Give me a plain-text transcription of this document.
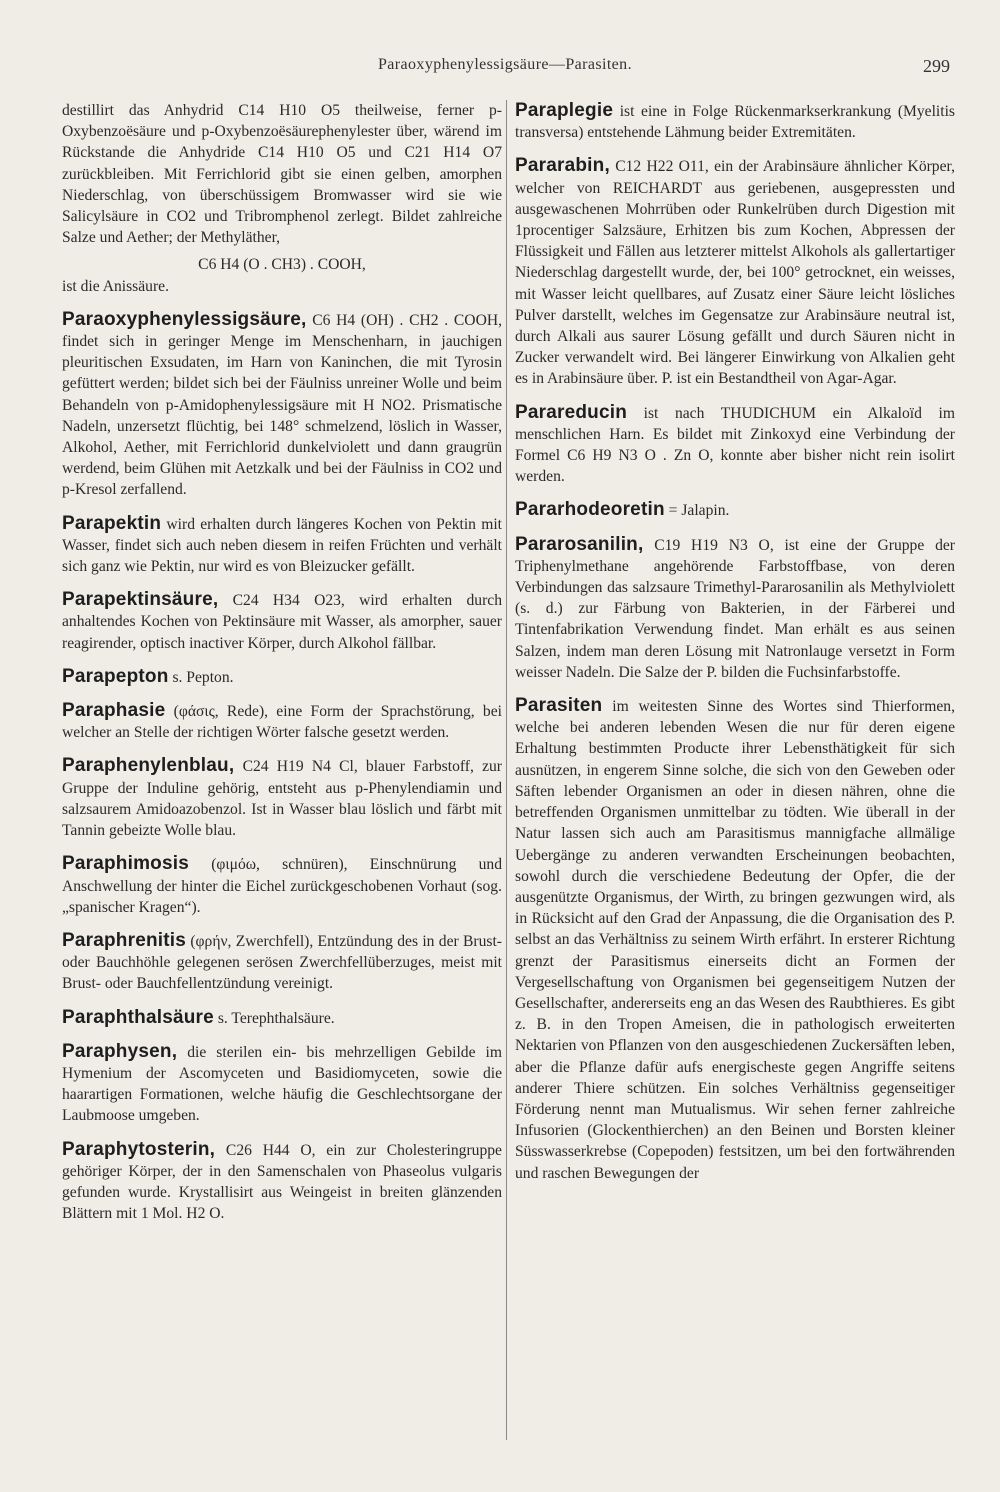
Paraoxyphenylessigsäure—Parasiten.	299

destillirt das Anhydrid C14 H10 O5 theilweise, ferner p-Oxybenzoësäure und p-Oxybenzoësäurephenylester über, wärend im Rückstande die Anhydride C14 H10 O5 und C21 H14 O7 zurückbleiben. Mit Ferrichlorid gibt sie einen gelben, amorphen Niederschlag, von überschüssigem Bromwasser wird sie wie Salicylsäure in CO2 und Tribromphenol zerlegt. Bildet zahlreiche Salze und Aether; der Methyläther,

C6 H4 (O . CH3) . COOH,

ist die Anissäure.

Paraoxyphenylessigsäure, C6 H4 (OH) . CH2 . COOH, findet sich in geringer Menge im Menschenharn, in jauchigen pleuritischen Exsudaten, im Harn von Kaninchen, die mit Tyrosin gefüttert werden; bildet sich bei der Fäulniss unreiner Wolle und beim Behandeln von p-Amidophenylessigsäure mit H NO2. Prismatische Nadeln, unzersetzt flüchtig, bei 148° schmelzend, löslich in Wasser, Alkohol, Aether, mit Ferrichlorid dunkelviolett und dann graugrün werdend, beim Glühen mit Aetzkalk und bei der Fäulniss in CO2 und p-Kresol zerfallend.

Parapektin wird erhalten durch längeres Kochen von Pektin mit Wasser, findet sich auch neben diesem in reifen Früchten und verhält sich ganz wie Pektin, nur wird es von Bleizucker gefällt.

Parapektinsäure, C24 H34 O23, wird erhalten durch anhaltendes Kochen von Pektinsäure mit Wasser, als amorpher, sauer reagirender, optisch inactiver Körper, durch Alkohol fällbar.

Parapepton s. Pepton.

Paraphasie (φάσις, Rede), eine Form der Sprachstörung, bei welcher an Stelle der richtigen Wörter falsche gesetzt werden.

Paraphenylenblau, C24 H19 N4 Cl, blauer Farbstoff, zur Gruppe der Induline gehörig, entsteht aus p-Phenylendiamin und salzsaurem Amidoazobenzol. Ist in Wasser blau löslich und färbt mit Tannin gebeizte Wolle blau.

Paraphimosis (φιμόω, schnüren), Einschnürung und Anschwellung der hinter die Eichel zurückgeschobenen Vorhaut (sog. „spanischer Kragen“).

Paraphrenitis (φρήν, Zwerchfell), Entzündung des in der Brust- oder Bauchhöhle gelegenen serösen Zwerchfellüberzuges, meist mit Brust- oder Bauchfellentzündung vereinigt.

Paraphthalsäure s. Terephthalsäure.

Paraphysen, die sterilen ein- bis mehrzelligen Gebilde im Hymenium der Ascomyceten und Basidiomyceten, sowie die haarartigen Formationen, welche häufig die Geschlechtsorgane der Laubmoose umgeben.

Paraphytosterin, C26 H44 O, ein zur Cholesteringruppe gehöriger Körper, der in den Samenschalen von Phaseolus vulgaris gefunden wurde. Krystallisirt aus Weingeist in breiten glänzenden Blättern mit 1 Mol. H2 O.

Paraplegie ist eine in Folge Rückenmarkserkrankung (Myelitis transversa) entstehende Lähmung beider Extremitäten.

Pararabin, C12 H22 O11, ein der Arabinsäure ähnlicher Körper, welcher von REICHARDT aus geriebenen, ausgepressten und ausgewaschenen Mohrrüben oder Runkelrüben durch Digestion mit 1procentiger Salzsäure, Erhitzen bis zum Kochen, Abpressen der Flüssigkeit und Fällen aus letzterer mittelst Alkohols als gallertartiger Niederschlag dargestellt wurde, der, bei 100° getrocknet, ein weisses, mit Wasser leicht quellbares, auf Zusatz einer Säure leicht lösliches Pulver darstellt, welches im Gegensatze zur Arabinsäure neutral ist, durch Alkali aus saurer Lösung gefällt und durch Säuren nicht in Zucker verwandelt wird. Bei längerer Einwirkung von Alkalien geht es in Arabinsäure über. P. ist ein Bestandtheil von Agar-Agar.

Parareducin ist nach THUDICHUM ein Alkaloïd im menschlichen Harn. Es bildet mit Zinkoxyd eine Verbindung der Formel C6 H9 N3 O . Zn O, konnte aber bisher nicht rein isolirt werden.

Pararhodeoretin = Jalapin.

Pararosanilin, C19 H19 N3 O, ist eine der Gruppe der Triphenylmethane angehörende Farbstoffbase, von deren Verbindungen das salzsaure Trimethyl-Pararosanilin als Methylviolett (s. d.) zur Färbung von Bakterien, in der Färberei und Tintenfabrikation Verwendung findet. Man erhält es aus seinen Salzen, indem man deren Lösung mit Natronlauge versetzt in Form weisser Nadeln. Die Salze der P. bilden die Fuchsinfarbstoffe.

Parasiten im weitesten Sinne des Wortes sind Thierformen, welche bei anderen lebenden Wesen die nur für deren eigene Erhaltung bestimmten Producte ihrer Lebensthätigkeit für sich ausnützen, in engerem Sinne solche, die sich von den Geweben oder Säften lebender Organismen an oder in diesen nähren, ohne die betreffenden Organismen unmittelbar zu tödten. Wie überall in der Natur lassen sich auch am Parasitismus mannigfache allmälige Uebergänge zu anderen verwandten Erscheinungen beobachten, sowohl durch die verschiedene Bedeutung der Opfer, die der ausgenützte Organismus, der Wirth, zu bringen gezwungen wird, als in Rücksicht auf den Grad der Anpassung, die die Organisation des P. selbst an das Verhältniss zu seinem Wirth erfährt. In ersterer Richtung grenzt der Parasitismus einerseits dicht an Formen der Vergesellschaftung von Organismen bei gegenseitigem Nutzen der Gesellschafter, andererseits eng an das Wesen des Raubthieres. Es gibt z. B. in den Tropen Ameisen, die in pathologisch erweiterten Nektarien von Pflanzen von den ausgeschiedenen Zuckersäften leben, aber die Pflanze dafür aufs energischeste gegen Angriffe seitens anderer Thiere schützen. Ein solches Verhältniss gegenseitiger Förderung nennt man Mutualismus. Wir sehen ferner zahlreiche Infusorien (Glockenthierchen) an den Beinen und Borsten kleiner Süsswasserkrebse (Copepoden) festsitzen, um bei den fortwährenden und raschen Bewegungen der
